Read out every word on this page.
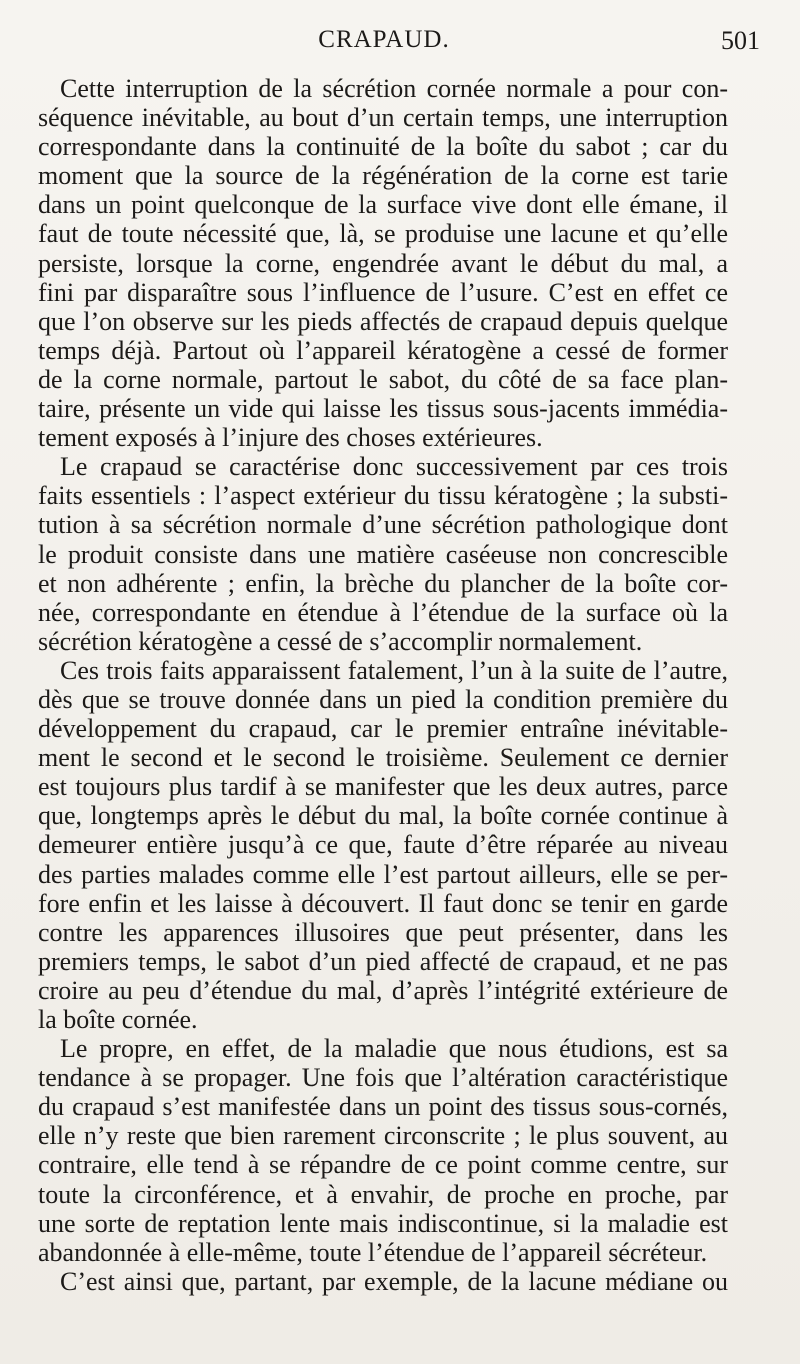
CRAPAUD.	501

Cette interruption de la sécrétion cornée normale a pour con-
séquence inévitable, au bout d’un certain temps, une interruption
correspondante dans la continuité de la boîte du sabot ; car du
moment que la source de la régénération de la corne est tarie
dans un point quelconque de la surface vive dont elle émane, il
faut de toute nécessité que, là, se produise une lacune et qu’elle
persiste, lorsque la corne, engendrée avant le début du mal, a
fini par disparaître sous l’influence de l’usure. C’est en effet ce
que l’on observe sur les pieds affectés de crapaud depuis quelque
temps déjà. Partout où l’appareil kératogène a cessé de former
de la corne normale, partout le sabot, du côté de sa face plan-
taire, présente un vide qui laisse les tissus sous-jacents immédia-
tement exposés à l’injure des choses extérieures.

Le crapaud se caractérise donc successivement par ces trois
faits essentiels : l’aspect extérieur du tissu kératogène ; la substi-
tution à sa sécrétion normale d’une sécrétion pathologique dont
le produit consiste dans une matière caséeuse non concrescible
et non adhérente ; enfin, la brèche du plancher de la boîte cor-
née, correspondante en étendue à l’étendue de la surface où la
sécrétion kératogène a cessé de s’accomplir normalement.

Ces trois faits apparaissent fatalement, l’un à la suite de l’autre,
dès que se trouve donnée dans un pied la condition première du
développement du crapaud, car le premier entraîne inévitable-
ment le second et le second le troisième. Seulement ce dernier
est toujours plus tardif à se manifester que les deux autres, parce
que, longtemps après le début du mal, la boîte cornée continue à
demeurer entière jusqu’à ce que, faute d’être réparée au niveau
des parties malades comme elle l’est partout ailleurs, elle se per-
fore enfin et les laisse à découvert. Il faut donc se tenir en garde
contre les apparences illusoires que peut présenter, dans les
premiers temps, le sabot d’un pied affecté de crapaud, et ne pas
croire au peu d’étendue du mal, d’après l’intégrité extérieure de
la boîte cornée.

Le propre, en effet, de la maladie que nous étudions, est sa
tendance à se propager. Une fois que l’altération caractéristique
du crapaud s’est manifestée dans un point des tissus sous-cornés,
elle n’y reste que bien rarement circonscrite ; le plus souvent, au
contraire, elle tend à se répandre de ce point comme centre, sur
toute la circonférence, et à envahir, de proche en proche, par
une sorte de reptation lente mais indiscontinue, si la maladie est
abandonnée à elle-même, toute l’étendue de l’appareil sécréteur.

C’est ainsi que, partant, par exemple, de la lacune médiane ou
